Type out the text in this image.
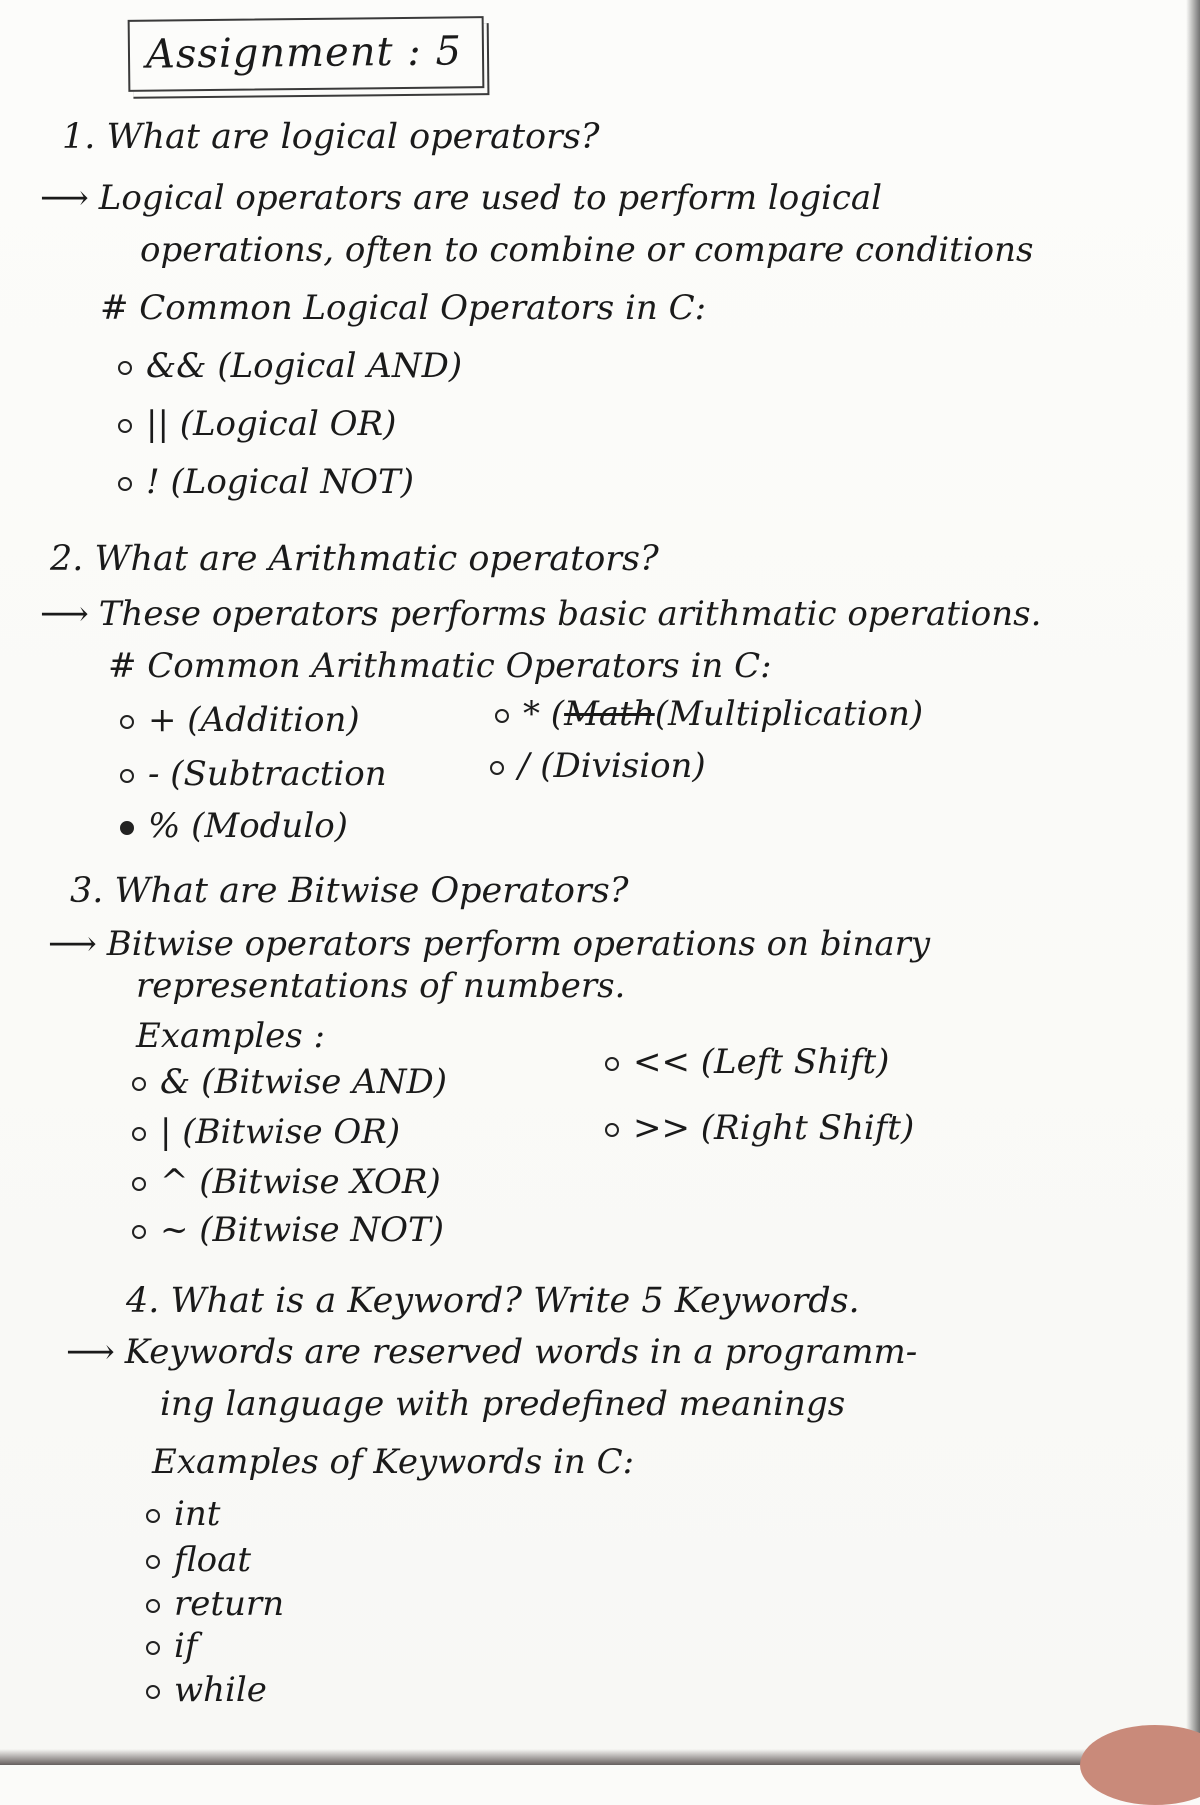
Assignment : 5
1. What are logical operators?
⟶ Logical operators are used to perform logical
operations, often to combine or compare conditions
# Common Logical Operators in C:
&& (Logical AND)
|| (Logical OR)
! (Logical NOT)
2. What are Arithmatic operators?
⟶ These operators performs basic arithmatic operations.
# Common Arithmatic Operators in C:
+ (Addition)
- (Subtraction
% (Modulo)
* (Math(Multiplication)
/ (Division)
3. What are Bitwise Operators?
⟶ Bitwise operators perform operations on binary
representations of numbers.
Examples :
& (Bitwise AND)
| (Bitwise OR)
^ (Bitwise XOR)
~ (Bitwise NOT)
<< (Left Shift)
>> (Right Shift)
4. What is a Keyword? Write 5 Keywords.
⟶ Keywords are reserved words in a programm-
ing language with predefined meanings
Examples of Keywords in C:
int
float
return
if
while
